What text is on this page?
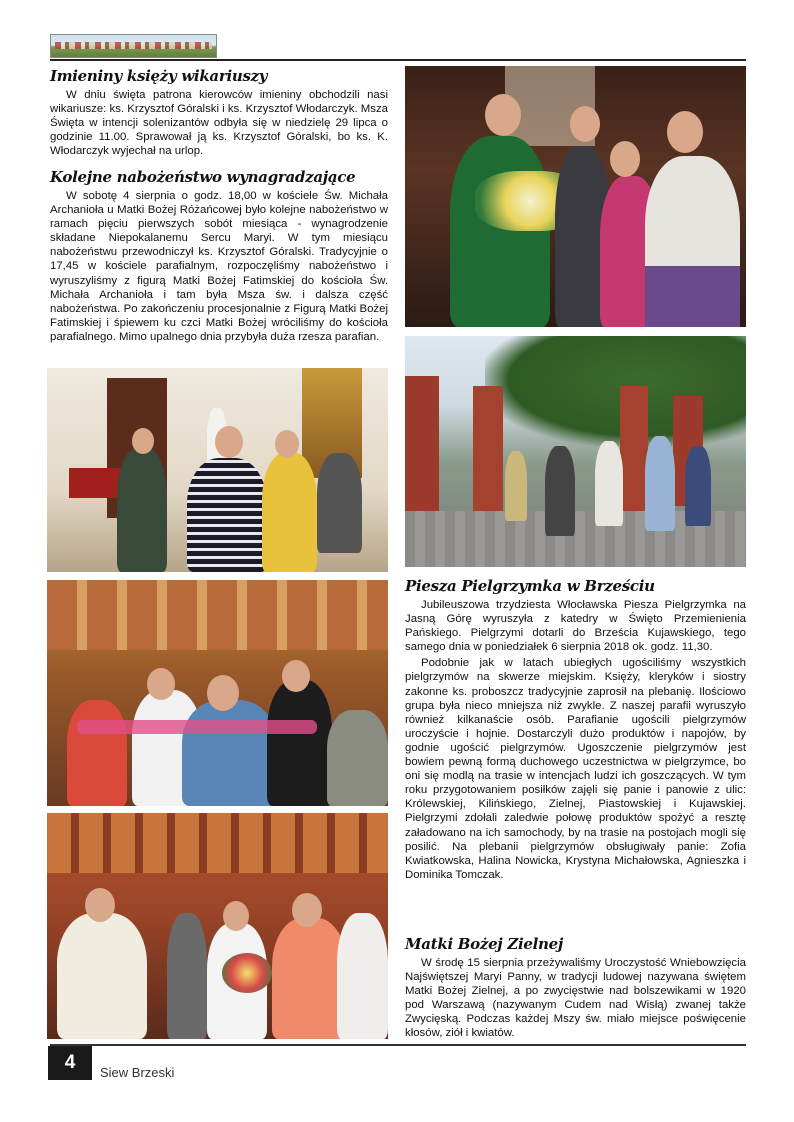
Imieniny księży wikariuszy

W dniu święta patrona kierowców imieniny obchodzili nasi wikariusze: ks. Krzysztof Góralski i ks. Krzysztof Włodarczyk. Msza Święta w intencji solenizantów odbyła się w niedzielę 29 lipca o godzinie 11.00. Sprawował ją ks. Krzysztof Góralski, bo ks. K. Włodarczyk wyjechał na urlop.

Kolejne nabożeństwo wynagradzające

W sobotę 4 sierpnia o godz. 18,00 w kościele Św. Michała Archanioła u Matki Bożej Różańcowej było kolejne nabożeństwo w ramach pięciu pierwszych sobót miesiąca - wynagrodzenie składane Niepokalanemu Sercu Maryi. W tym miesiącu nabożeństwu przewodniczył ks. Krzysztof Góralski. Tradycyjnie o 17,45 w kościele parafialnym, rozpoczęliśmy nabożeństwo i wyruszyliśmy z figurą Matki Bożej Fatimskiej do kościoła Św. Michała Archanioła i tam była Msza św. i dalsza część nabożeństwa. Po zakończeniu procesjonalnie z Figurą Matki Bożej Fatimskiej i śpiewem ku czci Matki Bożej wróciliśmy do kościoła parafialnego. Mimo upalnego dnia przybyła duża rzesza parafian.

Piesza Pielgrzymka w Brześciu

Jubileuszowa trzydziesta Włocławska Piesza Pielgrzymka na Jasną Górę wyruszyła z katedry w Święto Przemienienia Pańskiego. Pielgrzymi dotarli do Brześcia Kujawskiego, tego samego dnia w poniedziałek 6 sierpnia 2018 ok. godz. 11,30.

Podobnie jak w latach ubiegłych ugościliśmy wszystkich pielgrzymów na skwerze miejskim. Księży, kleryków i siostry zakonne ks. proboszcz tradycyjnie zaprosił na plebanię. Ilościowo grupa była nieco mniejsza niż zwykle. Z naszej parafii wyruszyło również kilkanaście osób. Parafianie ugościli pielgrzymów uroczyście i hojnie. Dostarczyli dużo produktów i napojów, by godnie ugościć pielgrzymów. Ugoszczenie pielgrzymów jest bowiem pewną formą duchowego uczestnictwa w pielgrzymce, bo oni się modlą na trasie w intencjach ludzi ich goszczących. W tym roku przygotowaniem posiłków zajęli się panie i panowie z ulic: Królewskiej, Kilińskiego, Zielnej, Piastowskiej i Kujawskiej. Pielgrzymi zdołali zaledwie połowę produktów spożyć a resztę załadowano na ich samochody, by na trasie na postojach mogli się posilić. Na plebanii pielgrzymów obsługiwały panie: Zofia Kwiatkowska, Halina Nowicka, Krystyna Michałowska, Agnieszka i Dominika Tomczak.

Matki Bożej Zielnej

W środę 15 sierpnia przeżywaliśmy Uroczystość Wniebowzięcia Najświętszej Maryi Panny, w tradycji ludowej nazywana świętem Matki Bożej Zielnej, a po zwycięstwie nad bolszewikami w 1920 pod Warszawą (nazywanym Cudem nad Wisłą) zwanej także Zwycięską. Podczas każdej Mszy św. miało miejsce poświęcenie kłosów, ziół i kwiatów.

4	Siew Brzeski
